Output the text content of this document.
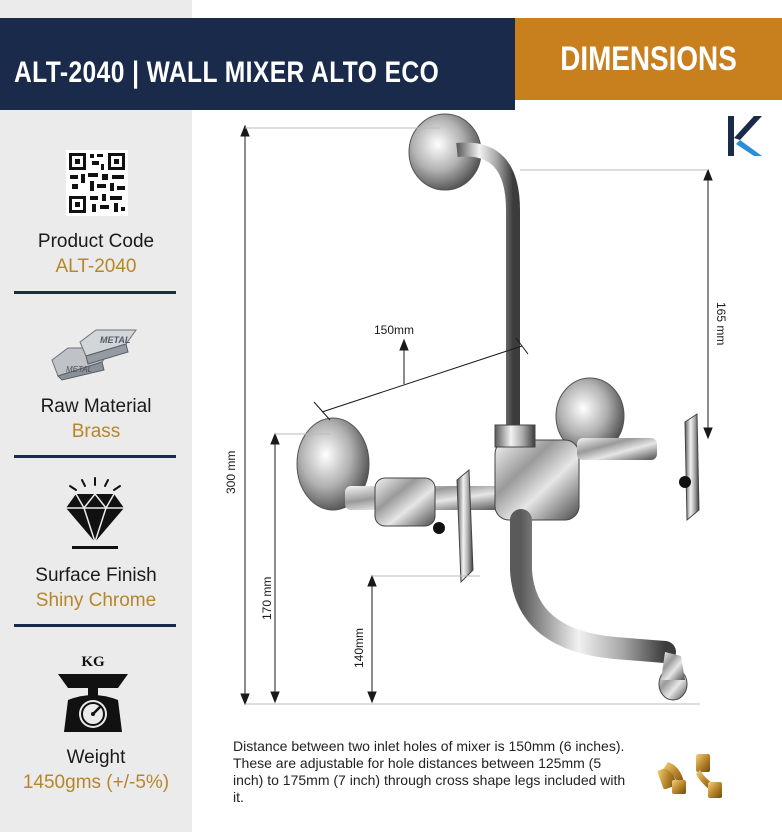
ALT-2040 | WALL MIXER ALTO ECO	DIMENSIONS
Product Code
ALT-2040
METAL
METAL
Raw Material
Brass
Surface Finish
Shiny Chrome
KG
Weight
1450gms (+/-5%)
300 mm
170 mm
140mm
165 mm
150mm
Distance between two inlet holes of mixer is 150mm (6 inches). These are adjustable for hole distances between 125mm (5 inch) to 175mm (7 inch) through cross shape legs included with it.
